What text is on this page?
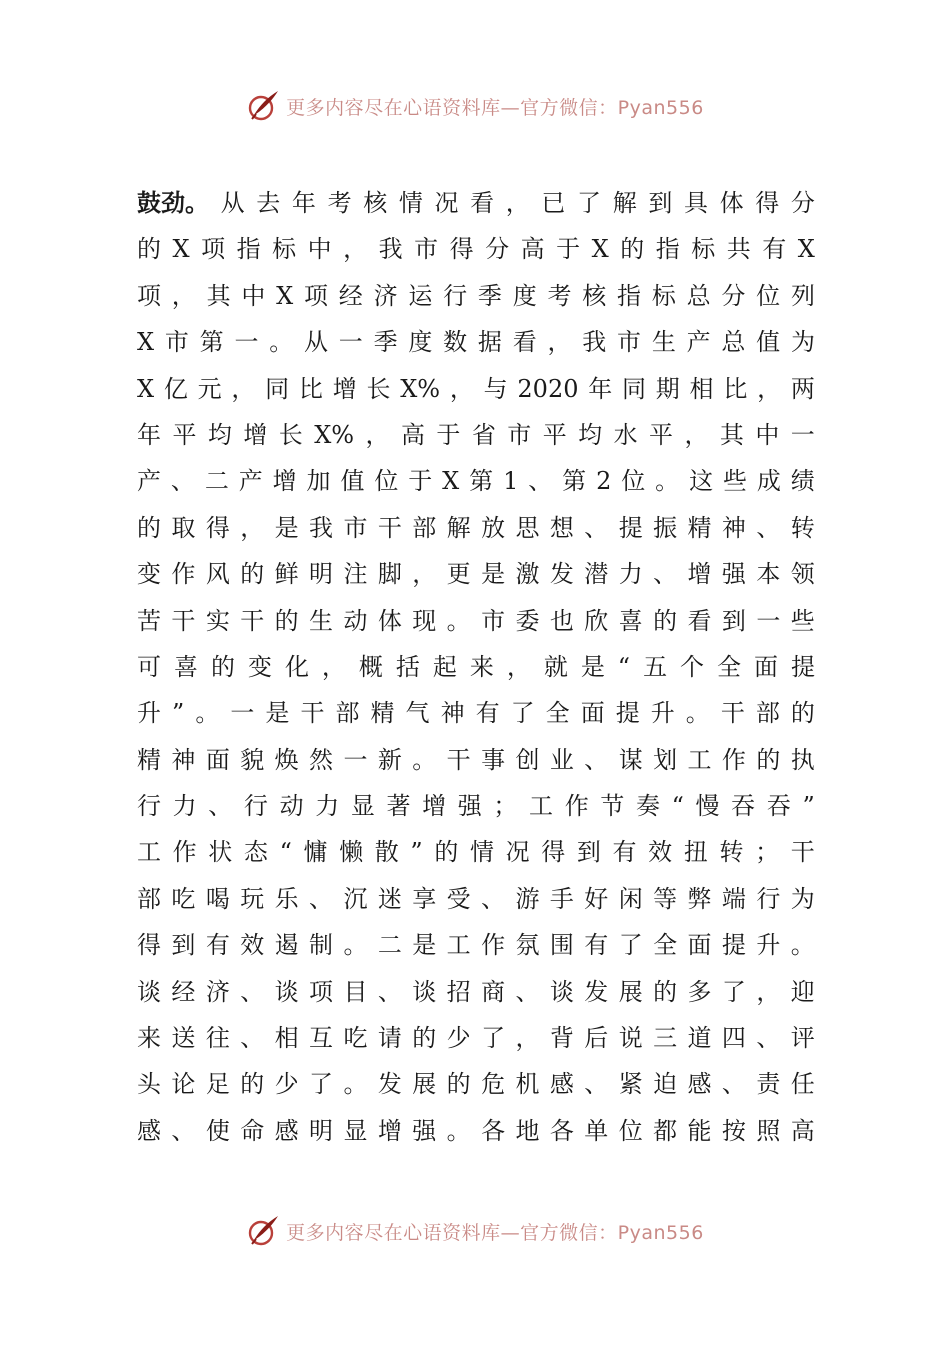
更多内容尽在心语资料库—官方微信：Pyan556
鼓劲。 从 去 年 考 核 情 况 看 ， 已 了 解 到 具 体 得 分
的 X 项 指 标 中 ， 我 市 得 分 高 于 X 的 指 标 共 有 X
项 ， 其 中 X 项 经 济 运 行 季 度 考 核 指 标 总 分 位 列
X 市 第 一 。 从 一 季 度 数 据 看 ， 我 市 生 产 总 值 为
X 亿 元 ， 同 比 增 长 X% ， 与 2020 年 同 期 相 比 ， 两
年 平 均 增 长 X% ， 高 于 省 市 平 均 水 平 ， 其 中 一
产 、 二 产 增 加 值 位 于 X 第 1 、 第 2 位 。 这 些 成 绩
的 取 得 ， 是 我 市 干 部 解 放 思 想 、 提 振 精 神 、 转
变 作 风 的 鲜 明 注 脚 ， 更 是 激 发 潜 力 、 增 强 本 领
苦 干 实 干 的 生 动 体 现 。 市 委 也 欣 喜 的 看 到 一 些
可 喜 的 变 化 ， 概 括 起 来 ， 就 是 “ 五 个 全 面 提
升 ” 。 一 是 干 部 精 气 神 有 了 全 面 提 升 。 干 部 的
精 神 面 貌 焕 然 一 新 。 干 事 创 业 、 谋 划 工 作 的 执
行 力 、 行 动 力 显 著 增 强 ； 工 作 节 奏 “ 慢 吞 吞 ”
工 作 状 态 “ 慵 懒 散 ” 的 情 况 得 到 有 效 扭 转 ； 干
部 吃 喝 玩 乐 、 沉 迷 享 受 、 游 手 好 闲 等 弊 端 行 为
得 到 有 效 遏 制 。 二 是 工 作 氛 围 有 了 全 面 提 升 。
谈 经 济 、 谈 项 目 、 谈 招 商 、 谈 发 展 的 多 了 ， 迎
来 送 往 、 相 互 吃 请 的 少 了 ， 背 后 说 三 道 四 、 评
头 论 足 的 少 了 。 发 展 的 危 机 感 、 紧 迫 感 、 责 任
感 、 使 命 感 明 显 增 强 。 各 地 各 单 位 都 能 按 照 高
更多内容尽在心语资料库—官方微信：Pyan556
